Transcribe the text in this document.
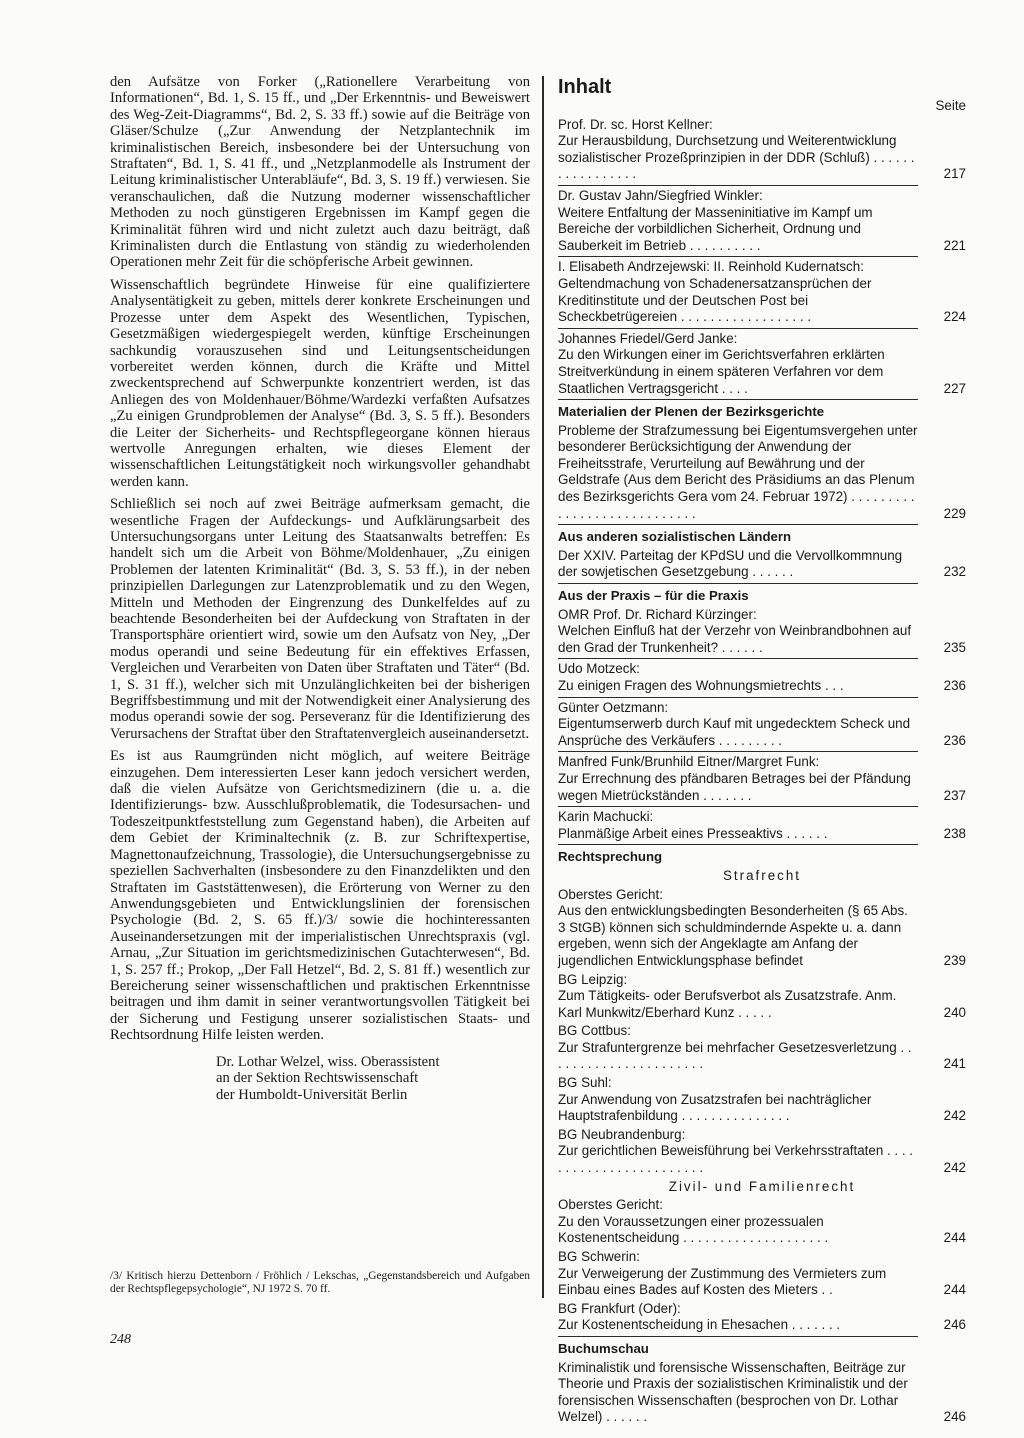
den Aufsätze von Forker („Rationellere Verarbeitung von Informationen“, Bd. 1, S. 15 ff., und „Der Erkenntnis- und Beweiswert des Weg-Zeit-Diagramms“, Bd. 2, S. 33 ff.) sowie auf die Beiträge von Gläser/Schulze („Zur Anwendung der Netzplantechnik im kriminalistischen Bereich, insbesondere bei der Untersuchung von Straftaten“, Bd. 1, S. 41 ff., und „Netzplanmodelle als Instrument der Leitung kriminalistischer Unterabläufe“, Bd. 3, S. 19 ff.) verwiesen. Sie veranschaulichen, daß die Nutzung moderner wissenschaftlicher Methoden zu noch günstigeren Ergebnissen im Kampf gegen die Kriminalität führen wird und nicht zuletzt auch dazu beiträgt, daß Kriminalisten durch die Entlastung von ständig zu wiederholenden Operationen mehr Zeit für die schöpferische Arbeit gewinnen.

Wissenschaftlich begründete Hinweise für eine qualifiziertere Analysentätigkeit zu geben, mittels derer konkrete Erscheinungen und Prozesse unter dem Aspekt des Wesentlichen, Typischen, Gesetzmäßigen wiedergespiegelt werden, künftige Erscheinungen sachkundig vorauszusehen sind und Leitungsentscheidungen vorbereitet werden können, durch die Kräfte und Mittel zweckentsprechend auf Schwerpunkte konzentriert werden, ist das Anliegen des von Moldenhauer/Böhme/Wardezki verfaßten Aufsatzes „Zu einigen Grundproblemen der Analyse“ (Bd. 3, S. 5 ff.). Besonders die Leiter der Sicherheits- und Rechtspflegeorgane können hieraus wertvolle Anregungen erhalten, wie dieses Element der wissenschaftlichen Leitungstätigkeit noch wirkungsvoller gehandhabt werden kann.

Schließlich sei noch auf zwei Beiträge aufmerksam gemacht, die wesentliche Fragen der Aufdeckungs- und Aufklärungsarbeit des Untersuchungsorgans unter Leitung des Staatsanwalts betreffen: Es handelt sich um die Arbeit von Böhme/Moldenhauer, „Zu einigen Problemen der latenten Kriminalität“ (Bd. 3, S. 53 ff.), in der neben prinzipiellen Darlegungen zur Latenzproblematik und zu den Wegen, Mitteln und Methoden der Eingrenzung des Dunkelfeldes auf zu beachtende Besonderheiten bei der Aufdeckung von Straftaten in der Transportsphäre orientiert wird, sowie um den Aufsatz von Ney, „Der modus operandi und seine Bedeutung für ein effektives Erfassen, Vergleichen und Verarbeiten von Daten über Straftaten und Täter“ (Bd. 1, S. 31 ff.), welcher sich mit Unzulänglichkeiten bei der bisherigen Begriffsbestimmung und mit der Notwendigkeit einer Analysierung des modus operandi sowie der sog. Perseveranz für die Identifizierung des Verursachens der Straftat über den Straftatenvergleich auseinandersetzt.

Es ist aus Raumgründen nicht möglich, auf weitere Beiträge einzugehen. Dem interessierten Leser kann jedoch versichert werden, daß die vielen Aufsätze von Gerichtsmedizinern (die u. a. die Identifizierungs- bzw. Ausschlußproblematik, die Todesursachen- und Todeszeitpunktfeststellung zum Gegenstand haben), die Arbeiten auf dem Gebiet der Kriminaltechnik (z. B. zur Schriftexpertise, Magnettonaufzeichnung, Trassologie), die Untersuchungsergebnisse zu speziellen Sachverhalten (insbesondere zu den Finanzdelikten und den Straftaten im Gaststättenwesen), die Erörterung von Werner zu den Anwendungsgebieten und Entwicklungslinien der forensischen Psychologie (Bd. 2, S. 65 ff.)/3/ sowie die hochinteressanten Auseinandersetzungen mit der imperialistischen Unrechtspraxis (vgl. Arnau, „Zur Situation im gerichtsmedizinischen Gutachterwesen“, Bd. 1, S. 257 ff.; Prokop, „Der Fall Hetzel“, Bd. 2, S. 81 ff.) wesentlich zur Bereicherung seiner wissenschaftlichen und praktischen Erkenntnisse beitragen und ihm damit in seiner verantwortungsvollen Tätigkeit bei der Sicherung und Festigung unserer sozialistischen Staats- und Rechtsordnung Hilfe leisten werden.

Dr. Lothar Welzel, wiss. Oberassistent
an der Sektion Rechtswissenschaft
der Humboldt-Universität Berlin
/3/ Kritisch hierzu Dettenborn / Fröhlich / Lekschas, „Gegenstandsbereich und Aufgaben der Rechtspflegepsychologie“, NJ 1972 S. 70 ff.
248
Inhalt
Seite
Prof. Dr. sc. Horst Kellner:
Zur Herausbildung, Durchsetzung und Weiterentwicklung sozialistischer Prozeßprinzipien in der DDR (Schluß) . . . . . . . . . . . . . . . . .	217
Dr. Gustav Jahn/Siegfried Winkler:
Weitere Entfaltung der Masseninitiative im Kampf um Bereiche der vorbildlichen Sicherheit, Ordnung und Sauberkeit im Betrieb . . . . . . . . . .	221
I. Elisabeth Andrzejewski: II. Reinhold Kudernatsch:
Geltendmachung von Schadenersatzansprüchen der Kreditinstitute und der Deutschen Post bei Scheckbetrügereien . . . . . . . . . . . . . . . . . .	224
Johannes Friedel/Gerd Janke:
Zu den Wirkungen einer im Gerichtsverfahren erklärten Streitverkündung in einem späteren Verfahren vor dem Staatlichen Vertragsgericht . . . .	227
Materialien der Plenen der Bezirksgerichte
Probleme der Strafzumessung bei Eigentumsvergehen unter besonderer Berücksichtigung der Anwendung der Freiheitsstrafe, Verurteilung auf Bewährung und der Geldstrafe (Aus dem Bericht des Präsidiums an das Plenum des Bezirksgerichts Gera vom 24. Februar 1972) . . . . . . . . . . . . . . . . . . . . . . . . . . . .	229
Aus anderen sozialistischen Ländern
Der XXIV. Parteitag der KPdSU und die Vervollkommnung der sowjetischen Gesetzgebung . . . . . .	232
Aus der Praxis – für die Praxis
OMR Prof. Dr. Richard Kürzinger:
Welchen Einfluß hat der Verzehr von Weinbrandbohnen auf den Grad der Trunkenheit? . . . . . .	235
Udo Motzeck:
Zu einigen Fragen des Wohnungsmietrechts . . .	236
Günter Oetzmann:
Eigentumserwerb durch Kauf mit ungedecktem Scheck und Ansprüche des Verkäufers . . . . . . . . .	236
Manfred Funk/Brunhild Eitner/Margret Funk:
Zur Errechnung des pfändbaren Betrages bei der Pfändung wegen Mietrückständen . . . . . . .	237
Karin Machucki:
Planmäßige Arbeit eines Presseaktivs . . . . . .	238
Rechtsprechung
Strafrecht
Oberstes Gericht:
Aus den entwicklungsbedingten Besonderheiten (§ 65 Abs. 3 StGB) können sich schuldmindernde Aspekte u. a. dann ergeben, wenn sich der Angeklagte am Anfang der jugendlichen Entwicklungsphase befindet	239
BG Leipzig:
Zum Tätigkeits- oder Berufsverbot als Zusatzstrafe. Anm. Karl Munkwitz/Eberhard Kunz . . . . .	240
BG Cottbus:
Zur Strafuntergrenze bei mehrfacher Gesetzesverletzung . . . . . . . . . . . . . . . . . . . . . .	241
BG Suhl:
Zur Anwendung von Zusatzstrafen bei nachträglicher Hauptstrafenbildung . . . . . . . . . . . . . . .	242
BG Neubrandenburg:
Zur gerichtlichen Beweisführung bei Verkehrsstraftaten . . . . . . . . . . . . . . . . . . . . . . . .	242
Zivil- und Familienrecht
Oberstes Gericht:
Zu den Voraussetzungen einer prozessualen Kostenentscheidung . . . . . . . . . . . . . . . . . . . .	244
BG Schwerin:
Zur Verweigerung der Zustimmung des Vermieters zum Einbau eines Bades auf Kosten des Mieters . .	244
BG Frankfurt (Oder):
Zur Kostenentscheidung in Ehesachen . . . . . . .	246
Buchumschau
Kriminalistik und forensische Wissenschaften, Beiträge zur Theorie und Praxis der sozialistischen Kriminalistik und der forensischen Wissenschaften (besprochen von Dr. Lothar Welzel) . . . . . .	246
